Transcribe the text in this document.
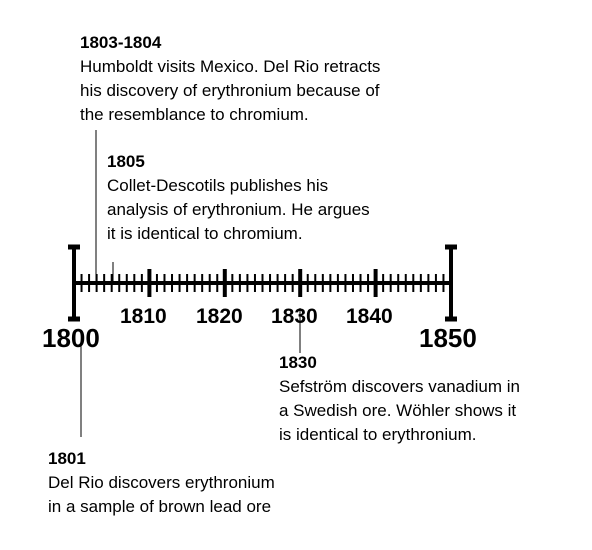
1800	1850
1810 1820 1830 1840
1803-1804
Humboldt visits Mexico. Del Rio retracts
his discovery of erythronium because of
the resemblance to chromium.
1805
Collet-Descotils publishes his
analysis of erythronium. He argues
it is identical to chromium.
1830
Sefström discovers vanadium in
a Swedish ore. Wöhler shows it
is identical to erythronium.
1801
Del Rio discovers erythronium
in a sample of brown lead ore
